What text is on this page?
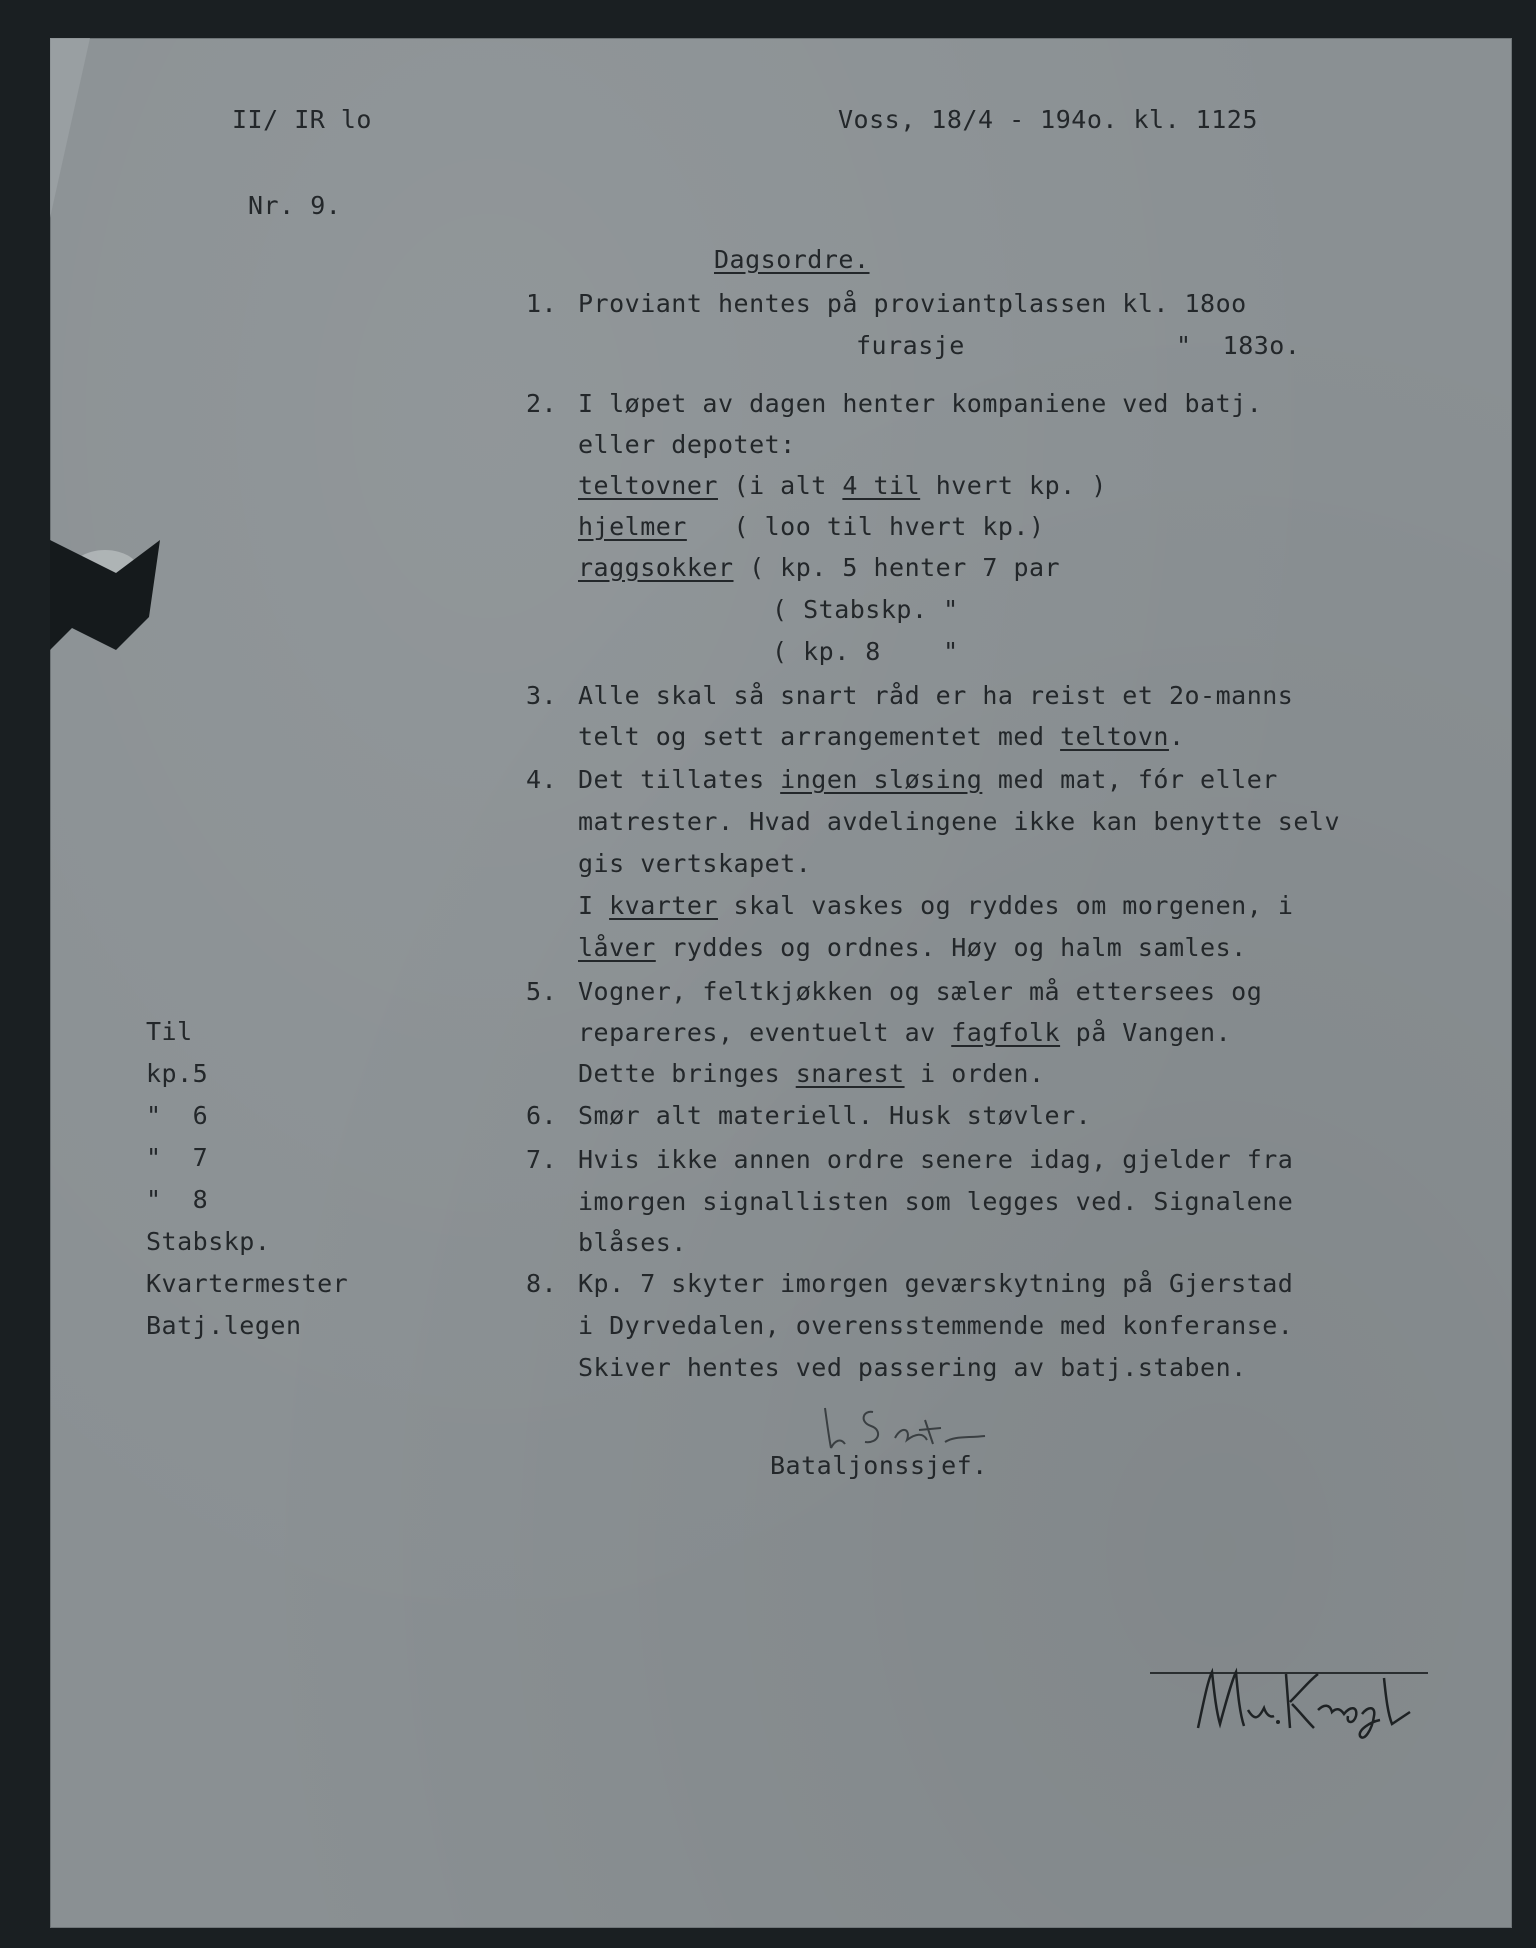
II/ IR lo	Voss, 18/4 - 194o. kl. 1125

Nr. 9.

Dagsordre.

1. Proviant hentes på proviantplassen kl. 18oo

furasje	"  183o.

2. I løpet av dagen henter kompaniene ved batj.

eller depotet:

teltovner (i alt 4 til hvert kp. )

hjelmer   ( loo til hvert kp.)

raggsokker ( kp. 5 henter 7 par

( Stabskp. "

( kp. 8    "

3. Alle skal så snart råd er ha reist et 2o-manns

telt og sett arrangementet med teltovn.

4. Det tillates ingen sløsing med mat, fór eller

matrester. Hvad avdelingene ikke kan benytte selv

gis vertskapet.

I kvarter skal vaskes og ryddes om morgenen, i

låver ryddes og ordnes. Høy og halm samles.

5. Vogner, feltkjøkken og sæler må ettersees og

repareres, eventuelt av fagfolk på Vangen.

Dette bringes snarest i orden.

6. Smør alt materiell. Husk støvler.

7. Hvis ikke annen ordre senere idag, gjelder fra

imorgen signallisten som legges ved. Signalene

blåses.

8. Kp. 7 skyter imorgen geværskytning på Gjerstad

i Dyrvedalen, overensstemmende med konferanse.

Skiver hentes ved passering av batj.staben.

Til

kp.5

"  6

"  7

"  8

Stabskp.

Kvartermester

Batj.legen

Bataljonssjef.
